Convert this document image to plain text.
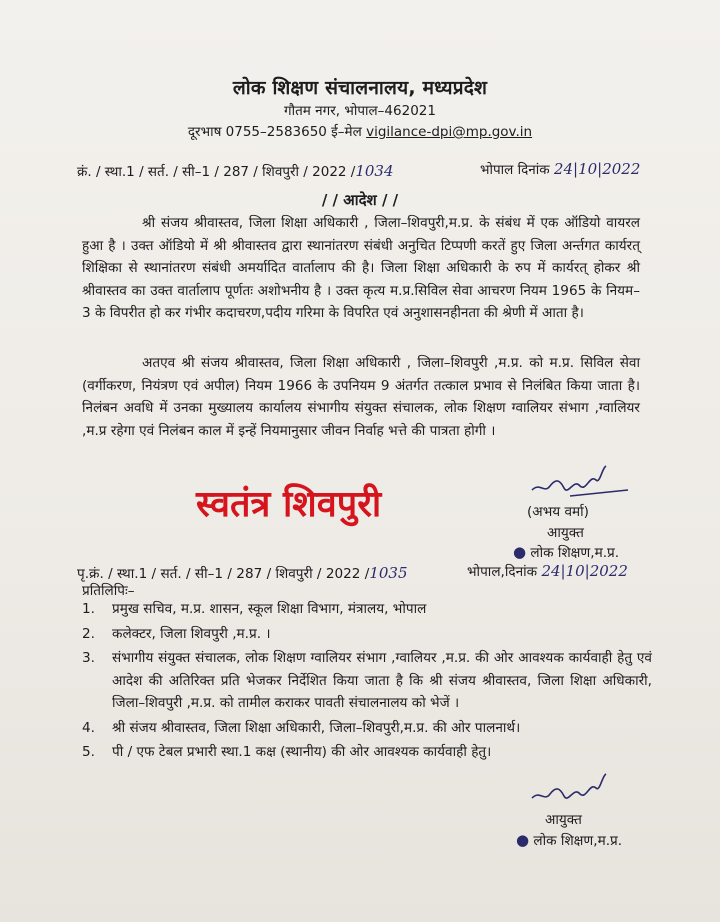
लोक शिक्षण संचालनालय, मध्यप्रदेश
गौतम नगर, भोपाल–462021
दूरभाष 0755–2583650 ई–मेल vigilance-dpi@mp.gov.in
क्रं. / स्था.1 / सर्त. / सी–1 / 287 / शिवपुरी / 2022 /1034	भोपाल दिनांक 24|10|2022
/ / आदेश / /
श्री संजय श्रीवास्तव, जिला शिक्षा अधिकारी , जिला–शिवपुरी,म.प्र. के संबंध में एक ऑडियो वायरल हुआ है । उक्त ऑडियो में श्री श्रीवास्तव द्वारा स्थानांतरण संबंधी अनुचित टिप्पणी करतें हुए जिला अर्न्तगत कार्यरत् शिक्षिका से स्थानांतरण संबंधी अमर्यादित वार्तालाप की है। जिला शिक्षा अधिकारी के रुप में कार्यरत् होकर श्री श्रीवास्तव का उक्त वार्तालाप पूर्णतः अशोभनीय है । उक्त कृत्य म.प्र.सिविल सेवा आचरण नियम 1965 के नियम–3 के विपरीत हो कर गंभीर कदाचरण,पदीय गरिमा के विपरित एवं अनुशासनहीनता की श्रेणी में आता है।
अतएव श्री संजय श्रीवास्तव, जिला शिक्षा अधिकारी , जिला–शिवपुरी ,म.प्र. को म.प्र. सिविल सेवा (वर्गीकरण, नियंत्रण एवं अपील) नियम 1966 के उपनियम 9 अंतर्गत तत्काल प्रभाव से निलंबित किया जाता है। निलंबन अवधि में उनका मुख्यालय कार्यालय संभागीय संयुक्त संचालक, लोक शिक्षण ग्वालियर संभाग ,ग्वालियर ,म.प्र रहेगा एवं निलंबन काल में इन्हें नियमानुसार जीवन निर्वाह भत्ते की पात्रता होगी ।
स्वतंत्र शिवपुरी	(अभय वर्मा)
आयुक्त
● लोक शिक्षण,म.प्र.
पृ.क्रं. / स्था.1 / सर्त. / सी–1 / 287 / शिवपुरी / 2022 /1035	भोपाल,दिनांक 24|10|2022
प्रतिलिपिः–
1.	प्रमुख सचिव, म.प्र. शासन, स्कूल शिक्षा विभाग, मंत्रालय, भोपाल
2.	कलेक्टर, जिला शिवपुरी ,म.प्र. ।
3.	संभागीय संयुक्त संचालक, लोक शिक्षण ग्वालियर संभाग ,ग्वालियर ,म.प्र. की ओर आवश्यक कार्यवाही हेतु एवं आदेश की अतिरिक्त प्रति भेजकर निर्देशित किया जाता है कि श्री संजय श्रीवास्तव, जिला शिक्षा अधिकारी, जिला–शिवपुरी ,म.प्र. को तामील कराकर पावती संचालनालय को भेजें ।
4.	श्री संजय श्रीवास्तव, जिला शिक्षा अधिकारी, जिला–शिवपुरी,म.प्र. की ओर पालनार्थ।
5.	पी / एफ टेबल प्रभारी स्था.1 कक्ष (स्थानीय) की ओर आवश्यक कार्यवाही हेतु।
आयुक्त
● लोक शिक्षण,म.प्र.
